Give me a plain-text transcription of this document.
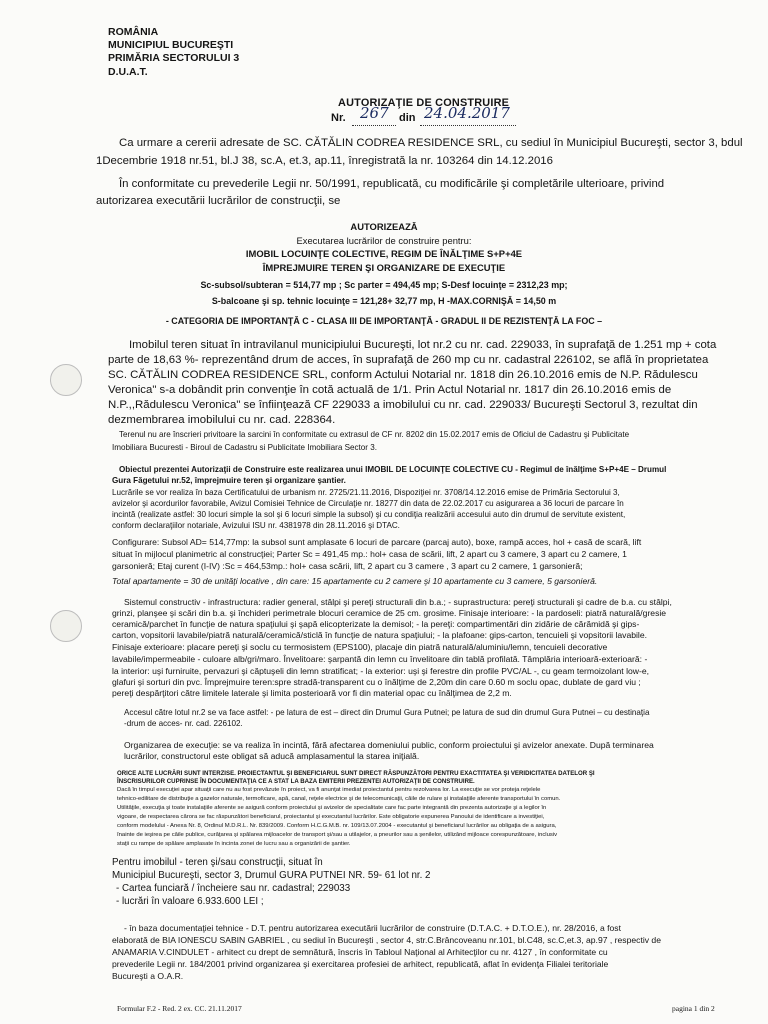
ROMÂNIA
MUNICIPIUL BUCUREŞTI
PRIMĂRIA SECTORULUI 3
D.U.A.T.
AUTORIZAŢIE DE CONSTRUIRE
Nr. 267 din 24.04.2017
Ca urmare a cererii adresate de SC. CĂTĂLIN CODREA RESIDENCE SRL, cu sediul în Municipiul Bucureşti, sector 3, bdul
1Decembrie 1918 nr.51, bl.J 38, sc.A, et.3, ap.11, înregistrată la nr. 103264 din 14.12.2016
În conformitate cu prevederile Legii nr. 50/1991, republicată, cu modificările şi completările ulterioare, privind
autorizarea executării lucrărilor de construcţii, se
AUTORIZEAZĂ
Executarea lucrărilor de construire pentru:
IMOBIL LOCUINŢE COLECTIVE, REGIM DE ÎNĂLŢIME S+P+4E
ÎMPREJMUIRE TEREN ŞI ORGANIZARE DE EXECUŢIE
Sc-subsol/subteran = 514,77 mp ; Sc parter = 494,45 mp; S-Desf locuinţe = 2312,23 mp;
S-balcoane şi sp. tehnic locuinţe = 121,28+ 32,77 mp, H -MAX.CORNIŞĂ = 14,50 m
- CATEGORIA DE IMPORTANŢĂ C - CLASA III DE IMPORTANŢĂ - GRADUL II DE REZISTENŢĂ LA FOC –
Imobilul teren situat în intravilanul municipiului Bucureşti, lot nr.2 cu nr. cad. 229033, în suprafaţă de 1.251 mp + cota
parte de 18,63 %- reprezentând drum de acces, în suprafaţă de 260 mp cu nr. cadastral 226102, se află în proprietatea
SC. CĂTĂLIN CODREA RESIDENCE SRL, conform Actului Notarial nr. 1818 din 26.10.2016 emis de N.P. Rădulescu
Veronica" s-a dobândit prin convenţie în cotă actuală de 1/1. Prin Actul Notarial nr. 1817 din 26.10.2016 emis de
N.P.,,Rădulescu Veronica" se înfiinţează CF 229033 a imobilului cu nr. cad. 229033/ Bucureşti Sectorul 3, rezultat din
dezmembrarea imobilului cu nr. cad. 228364.
Terenul nu are înscrieri privitoare la sarcini în conformitate cu extrasul de CF nr. 8202 din 15.02.2017 emis de Oficiul de Cadastru şi Publicitate
Imobiliara Bucuresti - Biroul de Cadastru si Publicitate Imobiliara Sector 3.
Obiectul prezentei Autorizaţii de Construire este realizarea unui IMOBIL DE LOCUINŢE COLECTIVE CU - Regimul de înălţime S+P+4E – Drumul
Gura Făgetului nr.52, împrejmuire teren şi organizare şantier.
Lucrările se vor realiza în baza Certificatului de urbanism nr. 2725/21.11.2016, Dispoziţiei nr. 3708/14.12.2016 emise de Primăria Sectorului 3,
avizelor şi acordurilor favorabile, Avizul Comisiei Tehnice de Circulaţie nr. 18277 din data de 22.02.2017 cu asigurarea a 36 locuri de parcare în
incintă (realizate astfel: 30 locuri simple la sol şi 6 locuri simple la subsol) şi cu condiţia realizării accesului auto din drumul de servitute existent,
conform declaraţiilor notariale, Avizului ISU nr. 4381978 din 28.11.2016 şi DTAC.
Configurare: Subsol AD= 514,77mp: la subsol sunt amplasate 6 locuri de parcare (parcaj auto), boxe, rampă acces, hol + casă de scară, lift
situat în mijlocul planimetric al construcţiei; Parter Sc = 491,45 mp.: hol+ casa de scării, lift, 2 apart cu 3 camere, 3 apart cu 2 camere, 1
garsonieră; Etaj curent (I-IV) :Sc = 464,53mp.: hol+ casa scării, lift, 2 apart cu 3 camere , 3 apart cu 2 camere, 1 garsonieră;
Total apartamente = 30 de unităţi locative , din care: 15 apartamente cu 2 camere şi 10 apartamente cu 3 camere, 5 garsonieră.
Sistemul constructiv - infrastructura: radier general, stâlpi şi pereţi structurali din b.a.; - suprastructura: pereţi structurali şi cadre de b.a. cu stâlpi,
grinzi, planşee şi scări din b.a. şi închideri perimetrale blocuri ceramice de 25 cm. grosime. Finisaje interioare: - la pardoseli: piatră naturală/gresie
ceramică/parchet în funcţie de natura spaţiului şi şapă elicopterizate la demisol; - la pereţi: compartimentări din zidărie de cărămidă şi gips-
carton, vopsitorii lavabile/piatră naturală/ceramică/sticlă în funcţie de natura spaţiului; - la plafoane: gips-carton, tencuieli şi vopsitorii lavabile.
Finisaje exterioare: placare pereţi şi soclu cu termosistem (EPS100), placaje din piatră naturală/aluminiu/lemn, tencuieli decorative
lavabile/impermeabile - culoare alb/gri/maro. Învelitoare: şarpantă din lemn cu învelitoare din tablă profilată. Tâmplăria interioară-exterioară: -
la interior: uşi furniruite, pervazuri şi căptuşeli din lemn stratificat; - la exterior: uşi şi ferestre din profile PVC/AL -, cu geam termoizolant low-e,
glafuri şi sorturi din pvc. Împrejmuire teren:spre stradă-transparent cu o înălţime de 2,20m din care 0.60 m soclu opac, dublate de gard viu ;
pereţi despărţitori către limitele laterale şi limita posterioară vor fi din material opac cu înălţimea de 2,2 m.
Accesul către lotul nr.2 se va face astfel: - pe latura de est – direct din Drumul Gura Putnei; pe latura de sud din drumul Gura Putnei – cu destinaţia
-drum de acces- nr. cad. 226102.
Organizarea de execuţie: se va realiza în incintă, fără afectarea domeniului public, conform proiectului şi avizelor anexate. După terminarea
lucrărilor, constructorul este obligat să aducă amplasamentul la starea iniţială.
ORICE ALTE LUCRĂRI SUNT INTERZISE. PROIECTANTUL ŞI BENEFICIARUL SUNT DIRECT RĂSPUNZĂTORI PENTRU EXACTITATEA ŞI VERIDICITATEA DATELOR ŞI
ÎNSCRISURILOR CUPRINSE ÎN DOCUMENTAŢIA CE A STAT LA BAZA EMITERII PREZENTEI AUTORIZAŢII DE CONSTRUIRE.
Dacă în timpul execuţiei apar situaţii care nu au fost prevăzute în proiect, va fi anunţat imediat proiectantul pentru rezolvarea lor. La execuţie se vor proteja reţelele
tehnico-edilitare de distribuţie a gazelor naturale, termoficare, apă, canal, reţele electrice şi de telecomunicaţii, căile de rulare şi instalaţiile aferente transportului în comun.
Utilităţile, execuţia şi toate instalaţiile aferente se asigură conform proiectului şi avizelor de specialitate care fac parte integrantă din prezenta autorizaţie şi a legilor în
vigoare, de respectarea cărora se fac răspunzători beneficiarul, proiectantul şi executantul lucrărilor. Este obligatorie expunerea Panoului de identificare a investiţiei,
conform modelului - Anexa Nr. 8, Ordinul M.D.R.L. Nr. 839/2009. Conform H.C.G.M.B. nr. 109/13.07.2004 - executantul şi beneficiarul lucrărilor au obligaţia de a asigura,
înainte de ieşirea pe căile publice, curăţarea şi spălarea mijloacelor de transport şi/sau a utilajelor, a pneurilor sau a şenilelor, utilizând mijloace corespunzătoare, inclusiv
staţii cu rampe de spălare amplasate în incinta zonei de lucru sau a organizării de şantier.
Pentru imobilul - teren şi/sau construcţii, situat în
Municipiul Bucureşti, sector 3, Drumul GURA PUTNEI NR. 59- 61 lot nr. 2
- Cartea funciară / încheiere sau nr. cadastral; 229033
- lucrări în valoare 6.933.600 LEI ;
- în baza documentaţiei tehnice - D.T. pentru autorizarea executării lucrărilor de construire (D.T.A.C. + D.T.O.E.), nr. 28/2016, a fost
elaborată de BIA IONESCU SABIN GABRIEL , cu sediul în Bucureşti , sector 4, str.C.Brâncoveanu nr.101, bl.C48, sc.C,et.3, ap.97 , respectiv de
ANAMARIA V.CINDULET - arhitect cu drept de semnătură, înscris în Tabloul Naţional al Arhitecţilor cu nr. 4127 , în conformitate cu
prevederile Legii nr. 184/2001 privind organizarea şi exercitarea profesiei de arhitect, republicată, aflat în evidenţa Filialei teritoriale
Bucureşti a O.A.R.
Formular F.2 - Red. 2 ex. CC. 21.11.2017	pagina 1 din 2
